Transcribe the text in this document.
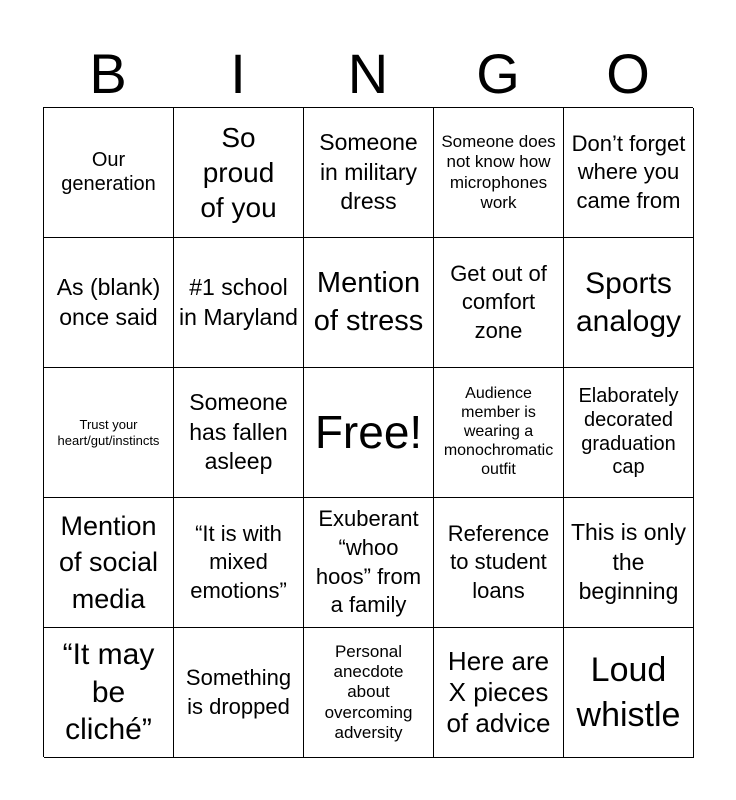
B	I	N	G	O
Our generation
So proud of you
Someone in military dress
Someone does not know how microphones work
Don’t forget where you came from
As (blank) once said
#1 school in Maryland
Mention of stress
Get out of comfort zone
Sports analogy
Trust your heart/gut/instincts
Someone has fallen asleep
Free!
Audience member is wearing a monochromatic outfit
Elaborately decorated graduation cap
Mention of social media
“It is with mixed emotions”
Exuberant “whoo hoos” from a family
Reference to student loans
This is only the beginning
“It may be cliché”
Something is dropped
Personal anecdote about overcoming adversity
Here are X pieces of advice
Loud whistle
